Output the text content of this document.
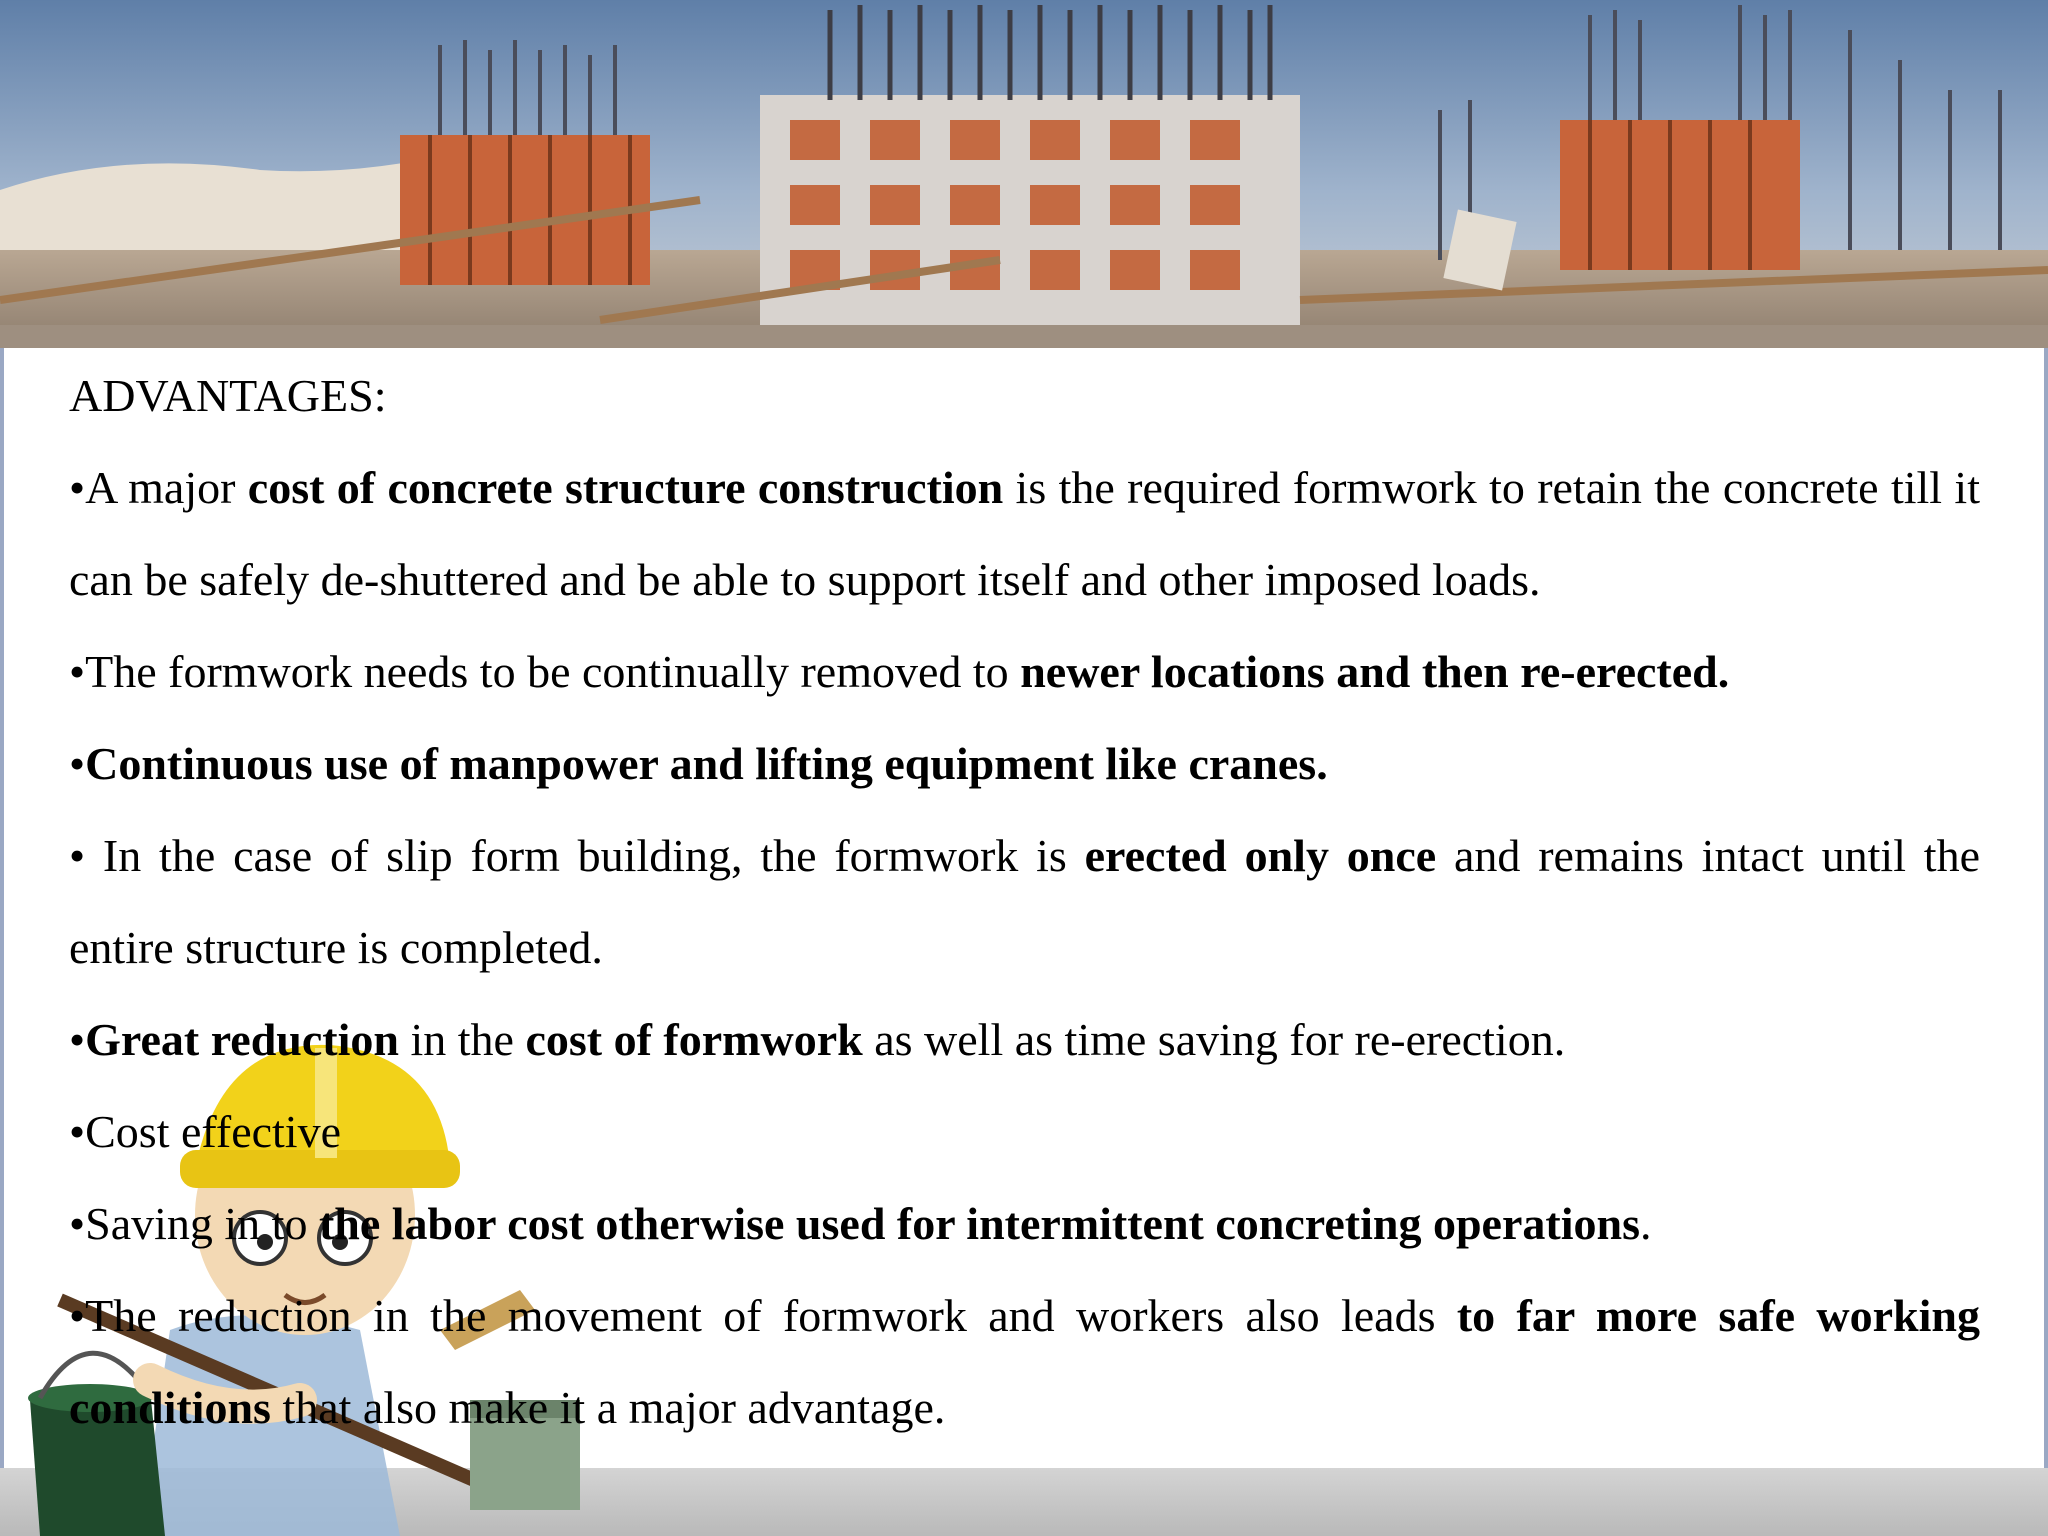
ADVANTAGES:

•A major cost of concrete structure construction is the required formwork to retain the concrete till it can be safely de-shuttered and be able to support itself and other imposed loads.

•The formwork needs to be continually removed to newer locations and then re-erected.

•Continuous use of manpower and lifting equipment like cranes.

• In the case of slip form building, the formwork is erected only once and remains intact until the entire structure is completed.

•Great reduction in the cost of formwork as well as time saving for re-erection.

•Cost effective

•Saving in to the labor cost otherwise used for intermittent concreting operations.

•The reduction in the movement of formwork and workers also leads to far more safe working conditions that also make it a major advantage.
